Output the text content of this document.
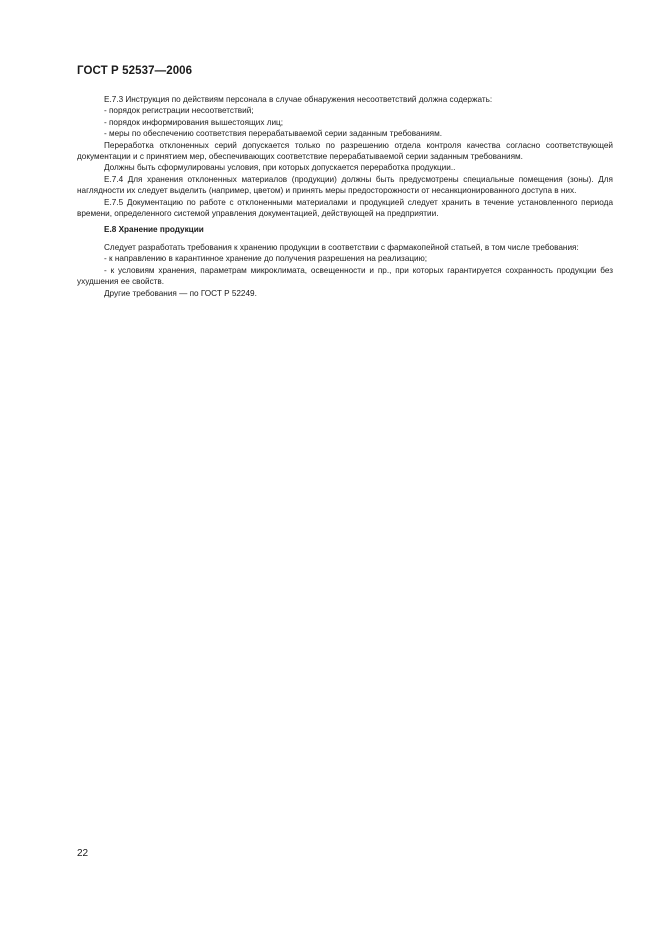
ГОСТ Р 52537—2006

Е.7.3 Инструкция по действиям персонала в случае обнаружения несоответствий должна содержать:

- порядок регистрации несоответствий;

- порядок информирования вышестоящих лиц;

- меры по обеспечению соответствия перерабатываемой серии заданным требованиям.

Переработка отклоненных серий допускается только по разрешению отдела контроля качества согласно соответствующей документации и с принятием мер, обеспечивающих соответствие перерабатываемой серии заданным требованиям.

Должны быть сформулированы условия, при которых допускается переработка продукции..

Е.7.4 Для хранения отклоненных материалов (продукции) должны быть предусмотрены специальные помещения (зоны). Для наглядности их следует выделить (например, цветом) и принять меры предосторожности от несанкционированного доступа в них.

Е.7.5 Документацию по работе с отклоненными материалами и продукцией следует хранить в течение установленного периода времени, определенного системой управления документацией, действующей на предприятии.

Е.8 Хранение продукции

Следует разработать требования к хранению продукции в соответствии с фармакопейной статьей, в том числе требования:

- к направлению в карантинное хранение до получения разрешения на реализацию;

- к условиям хранения, параметрам микроклимата, освещенности и пр., при которых гарантируется сохранность продукции без ухудшения ее свойств.

Другие требования — по ГОСТ Р 52249.

22
